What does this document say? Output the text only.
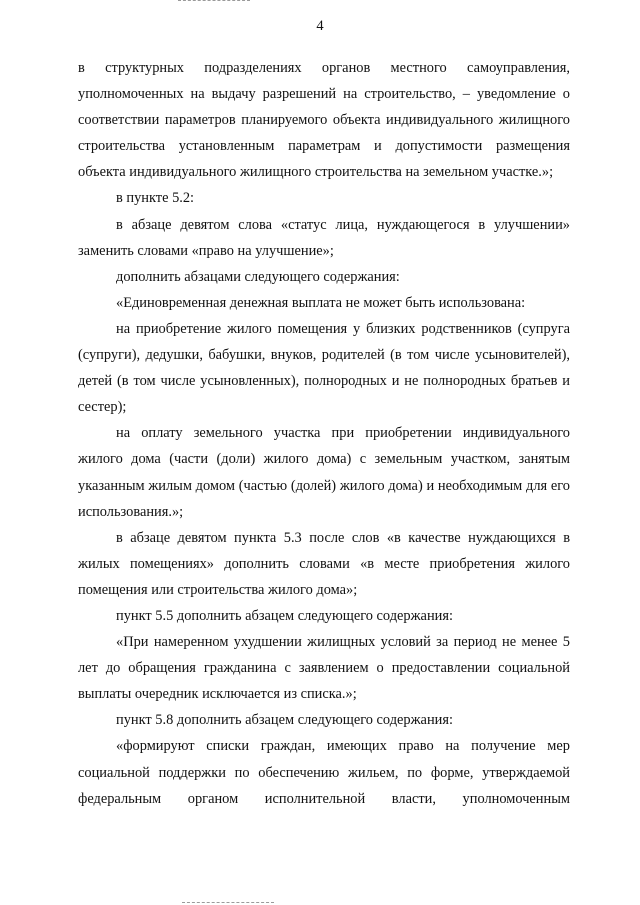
4

в структурных подразделениях органов местного самоуправления, уполномоченных на выдачу разрешений на строительство, – уведомление о соответствии параметров планируемого объекта индивидуального жилищного строительства установленным параметрам и допустимости размещения объекта индивидуального жилищного строительства на земельном участке.»;

в пункте 5.2:

в абзаце девятом слова «статус лица, нуждающегося в улучшении» заменить словами «право на улучшение»;

дополнить абзацами следующего содержания:

«Единовременная денежная выплата не может быть использована:

на приобретение жилого помещения у близких родственников (супруга (супруги), дедушки, бабушки, внуков, родителей (в том числе усыновителей), детей (в том числе усыновленных), полнородных и не полнородных братьев и сестер);

на оплату земельного участка при приобретении индивидуального жилого дома (части (доли) жилого дома) с земельным участком, занятым указанным жилым домом (частью (долей) жилого дома) и необходимым для его использования.»;

в абзаце девятом пункта 5.3 после слов «в качестве нуждающихся в жилых помещениях» дополнить словами «в месте приобретения жилого помещения или строительства жилого дома»;

пункт 5.5 дополнить абзацем следующего содержания:

«При намеренном ухудшении жилищных условий за период не менее 5 лет до обращения гражданина с заявлением о предоставлении социальной выплаты очередник исключается из списка.»;

пункт 5.8 дополнить абзацем следующего содержания:

«формируют списки граждан, имеющих право на получение мер социальной поддержки по обеспечению жильем, по форме, утверждаемой федеральным органом исполнительной власти, уполномоченным
